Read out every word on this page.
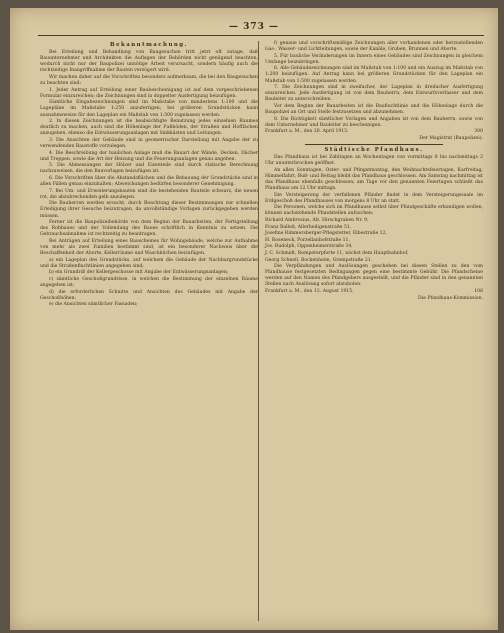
— 373 —

Bekanntmachung.

Bei Erteilung und Behandlung von Baugesuchen tritt jetzt oft zutage, daß Bauunternehmer und Architekten die Auflagen der Behörden nicht genügend beachten, wodurch nicht nur der Baupolizei unnötige Arbeit verursacht, sondern häufig auch die rechtzeitige Inangriffnahme der Bauten verzögert wird.

Wir machen daher auf die Vorschriften besonders aufmerksam, die bei den Baugesuchen zu beachten sind:

1. Jeder Antrag auf Erteilung einer Baubescheinigung ist auf dem vorgeschriebenen Formular einzureichen; die Zeichnungen sind in doppelter Ausfertigung beizufügen.

Sämtliche Eingabezeichnungen sind im Maßstabe von mindestens 1:100 und die Lagepläne im Maßstabe 1:250 anzufertigen; bei größeren Grundstücken kann ausnahmsweise für den Lageplan ein Maßstab von 1:500 zugelassen werden.

2. In diesen Zeichnungen ist die beabsichtigte Benutzung jedes einzelnen Raumes deutlich zu machen, auch sind die Höhenlage der Fußböden, der Straßen und Hofflächen anzugeben, ebenso die Entwässerungsanlagen mit Sinkkästen und Leitungen.

3. Die Ansichten der Gebäude sind in geometrischer Darstellung mit Angabe der zu verwendenden Baustoffe vorzulegen.

4. Die Beschreibung der baulichen Anlage muß die Bauart der Wände, Decken, Dächer und Treppen, sowie die Art der Heizung und die Feuerungsanlagen genau angeben.

5. Die Abmessungen der Hölzer und Eisenteile sind durch statische Berechnung nachzuweisen, die den Bauvorlagen beizufügen ist.

6. Die Vorschriften über die Abstandsflächen und die Bebauung der Grundstücke sind in allen Fällen genau einzuhalten; Abweichungen bedürfen besonderer Genehmigung.

7. Bei Um- und Erweiterungsbauten sind die bestehenden Bauteile schwarz, die neuen rot, die abzubrechenden gelb anzulegen.

Die Bauherren werden ersucht, durch Beachtung dieser Bestimmungen zur schnellen Erledigung ihrer Gesuche beizutragen, da unvollständige Vorlagen zurückgegeben werden müssen.

Ferner ist die Baupolizeibehörde von dem Beginn der Bauarbeiten, der Fertigstellung des Rohbaues und der Vollendung des Baues schriftlich in Kenntnis zu setzen. Die Gebrauchsabnahme ist rechtzeitig zu beantragen.

Bei Anträgen auf Erteilung eines Bauscheines für Wohngebäude, welche zur Aufnahme von mehr als zwei Familien bestimmt sind, ist ein besonderer Nachweis über die Beschaffenheit der Aborte, Kellerräume und Waschküchen beizufügen.

a) ein Lageplan des Grundstücks, auf welchem die Gebäude der Nachbargrundstücke und die Straßenfluchtlinien angegeben sind;

b) ein Grundriß der Kellergeschosse mit Angabe der Entwässerungsanlagen;

c) sämtliche Geschoßgrundrisse, in welchen die Bestimmung der einzelnen Räume angegeben ist;

d) die erforderlichen Schnitte und Ansichten des Gebäudes mit Angabe der Geschoßhöhen;

e) die Ansichten sämtlicher Fassaden;

f) genaue und vorschriftsmäßige Zeichnungen aller vorhandenen oder herzustellenden Gas-, Wasser- und Lichtleitungen, sowie der Kanäle, Gruben, Brunnen und Aborte.

5. Für bauliche Veränderungen im Innern eines Gebäudes sind Zeichnungen in gleichem Umfange beizubringen.

6. Alle Gebäudezeichnungen sind im Maßstab von 1:100 und ein Auszug im Maßstab von 1:200 beizufügen. Auf Antrag kann bei größeren Grundstücken für den Lageplan ein Maßstab von 1:500 zugelassen werden.

7. Die Zeichnungen sind in zweifacher, der Lageplan in dreifacher Ausfertigung einzureichen. Jede Ausfertigung ist von dem Bauherrn, dem Entwurfsverfasser und dem Bauleiter zu unterschreiben.

Vor dem Beginn der Bauarbeiten ist die Baufluchtlinie und die Höhenlage durch die Baupolizei an Ort und Stelle festzusetzen und abzunehmen.

8. Die Richtigkeit sämtlicher Vorlagen und Angaben ist von dem Bauherrn, sowie von dem Unternehmer und Bauleiter zu bescheinigen.

Frankfurt a. M., den 20. April 1915.	300

Der Magistrat (Baupolizei).

Städtische Pfandhaus.

Das Pfandhaus ist bei Zahltagen an Wochentagen von vormittags 8 bis nachmittags 2 Uhr ununterbrochen geöffnet.

An allen Sonntagen, Oster- und Pfingstmontag, den Weihnachtsfeiertagen, Karfreitag, Himmelfahrt, Buß- und Bettag bleibt das Pfandhaus geschlossen. Am Samstag nachmittag ist das Pfandhaus ebenfalls geschlossen; am Tage vor den genannten Feiertagen schließt das Pfandhaus um 12 Uhr mittags.

Die Versteigerung der verfallenen Pfänder findet in dem Versteigerungssaale im Erdgeschoß des Pfandhauses von morgens 8 Uhr an statt.

Die Personen, welche sich im Pfandhause selbst über Pfandgeschäfte erkundigen wollen, können nachstehende Pfandstellen aufsuchen:

Richard Ambrosius, Alt. Hirschgraben Nr. 9,

Franz Balleß, Allerheiligenstraße 51,

Josefine Rimmersberger-Pflegstetter, Elbestraße 12,

H. Roseneck, Porzellanhofstraße 11,

Jos. Rudolph, Oppenheimerstraße 34,

J. C. Schmidt, Rompeterpforte 11, nächst dem Hauptbahnhof,

Georg Schnell, Bockenheim, Grempstraße 21.

Die Verpfändungen und Auslösungen geschehen bei diesen Stellen zu den vom Pfandhause festgesetzten Bedingungen gegen eine bestimmte Gebühr. Die Pfandscheine werden auf den Namen des Pfandgebers ausgestellt, und die Pfänder sind in den genannten Stellen nach Auslösung sofort abzuholen.

Frankfurt a. M., den 13. August 1915.	106

Die Pfandhaus-Kommission.
